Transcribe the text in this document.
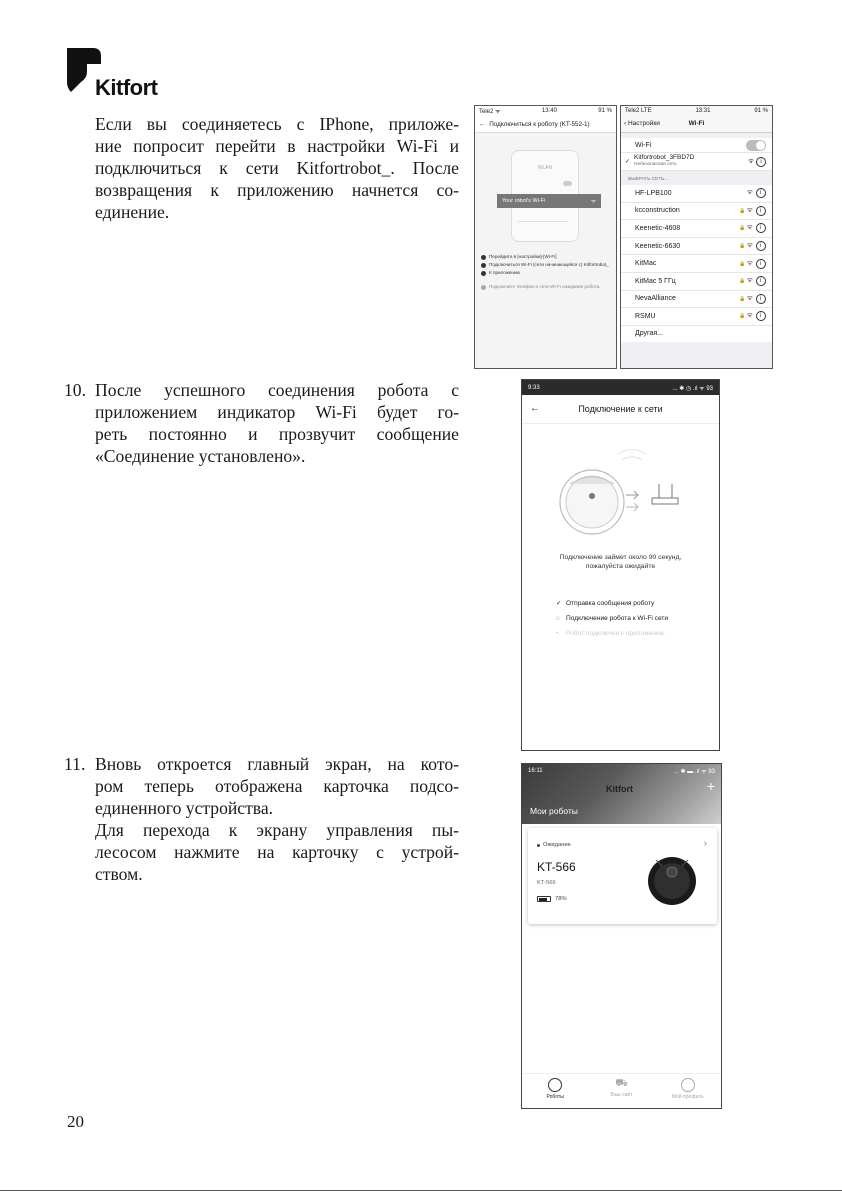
Kitfort
Если вы соединяетесь с IPhone, приложе-
ние попросит перейти в настройки Wi-Fi и
подключиться к сети Kitfortrobot_. После
возвращения к приложению начнется со-
единение.
10. После успешного соединения робота с
приложением индикатор Wi-Fi будет го-
реть постоянно и прозвучит сообщение
«Соединение установлено».
11. Вновь откроется главный экран, на кото-
ром теперь отображена карточка подсо-
единенного устройства.
Для перехода к экрану управления пы-
лесосом нажмите на карточку с устрой-
ством.
Tele2 ᯤ	13:40	91 %
← Подключиться к роботу (KT-552-1)
WLAN
Your robot's Wi-Fi	ᯤ
Перейдите в [настройки]-[Wi-Fi]
Подключиться Wi-Fi (сети начинающейся с) Kitfortrobot_
К приложению
Подключите телефон к сети Wi-Fi ожидания робота.
Tele2 LTE	13:31	91 %
‹ Настройки	Wi-Fi
Wi-Fi
✓
Kitfortrobot_3FBD7D
Небезопасная сеть	ᯤ i
ВЫБРАТЬ СЕТЬ...
HF-LPB100	ᯤ i
kcconstruction	🔒ᯤ i
Keenetic-4608	🔒ᯤ i
Keenetic-6630	🔒ᯤ i
KitMac	🔒ᯤ i
KitMac 5 ГГц	🔒ᯤ i
NevaAlliance	🔒ᯤ i
RSMU	🔒ᯤ i
Другая...
9:33	... ✱ ◷ .ıl ᯤ 93
←	Подключение к сети
Подключение займет около 90 секунд,
пожалуйста ожидайте
✓ Отправка сообщения роботу
◌ Подключение робота к Wi-Fi сети
• Робот подключен к приложению
16:11	... ✱ ▬ .ıl ᯤ 93
Kitfort	+
Мои роботы
Ожидание
KT-566
KT-566
78%
›
Роботы
⛟
Ваш сайт	Мой профиль
20
